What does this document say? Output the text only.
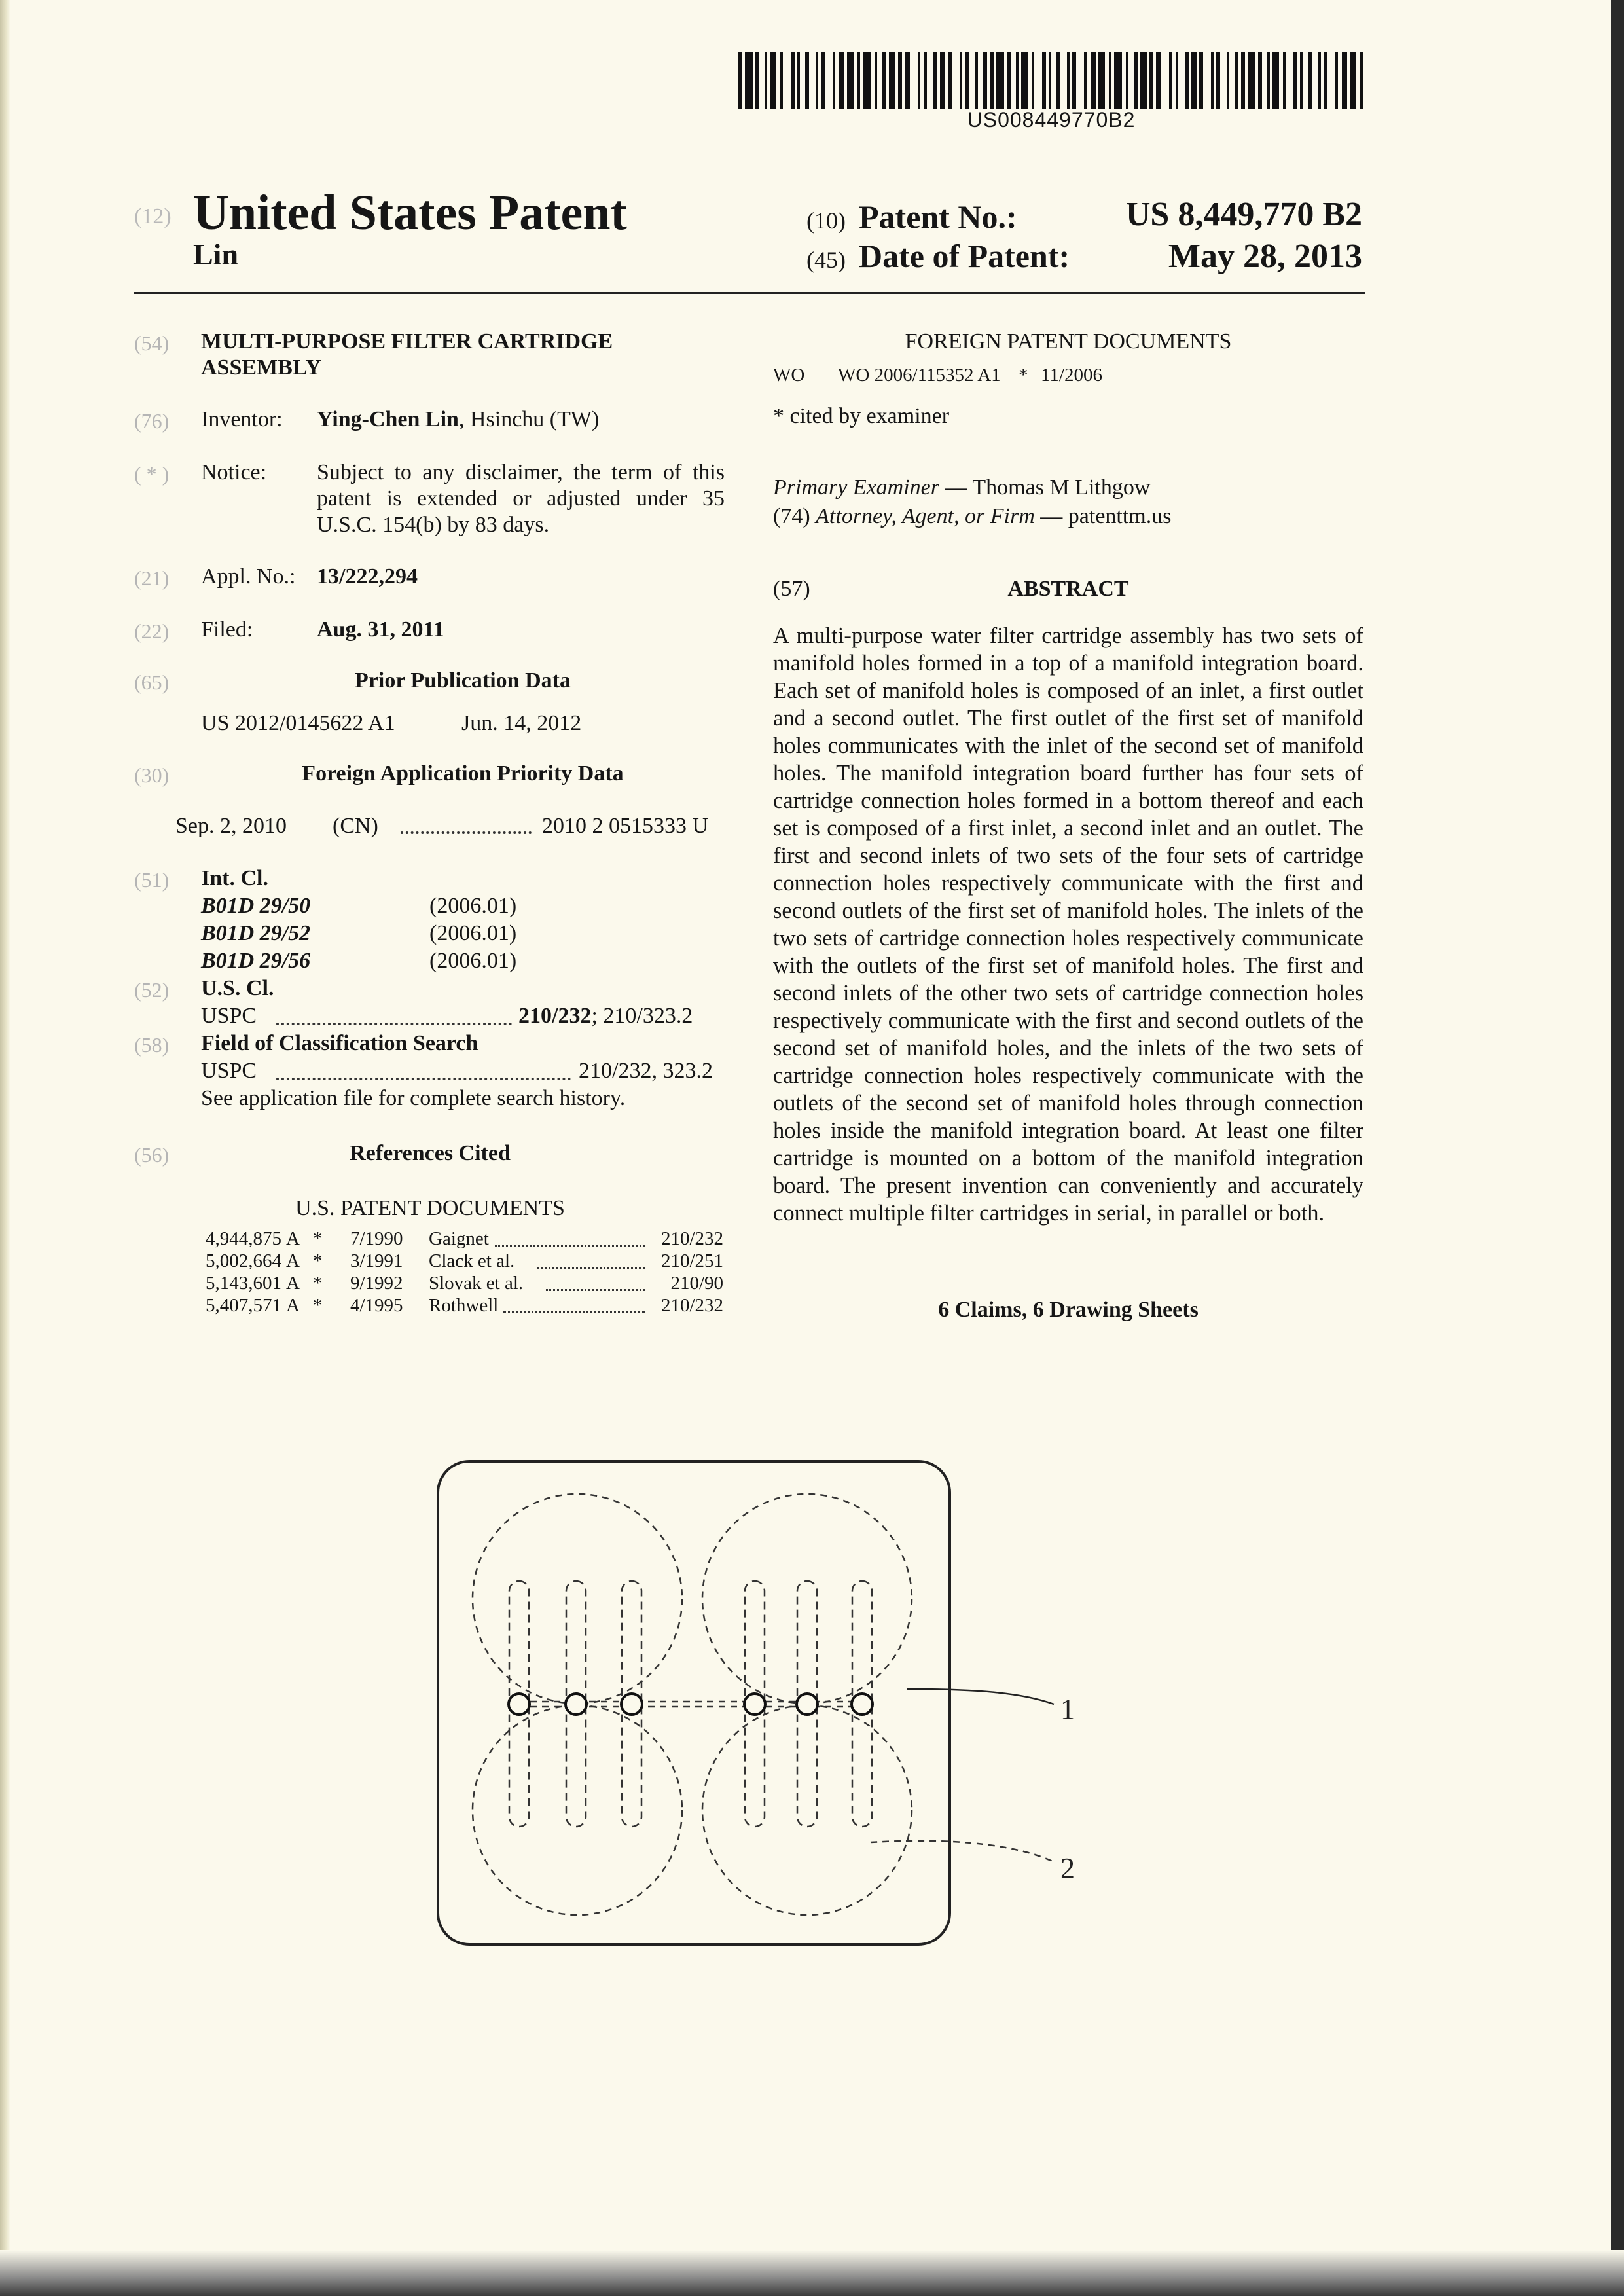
US008449770B2
(12) United States Patent
Lin
(10) Patent No.:	US 8,449,770 B2
(45) Date of Patent:	May 28, 2013
(54) MULTI-PURPOSE FILTER CARTRIDGE
ASSEMBLY
(76) Inventor: Ying-Chen Lin, Hsinchu (TW)
( * ) Notice: Subject to any disclaimer, the term of this patent is extended or adjusted under 35 U.S.C. 154(b) by 83 days.
(21) Appl. No.: 13/222,294
(22) Filed:	Aug. 31, 2011
(65)	Prior Publication Data
US 2012/0145622 A1	Jun. 14, 2012
(30)	Foreign Application Priority Data
Sep. 2, 2010 (CN)	2010 2 0515333 U
(51) Int. Cl.
B01D 29/50	(2006.01)
B01D 29/52	(2006.01)
B01D 29/56	(2006.01)
(52) U.S. Cl.
USPC	210/232; 210/323.2
(58) Field of Classification Search
USPC	210/232, 323.2
See application file for complete search history.
(56)	References Cited
U.S. PATENT DOCUMENTS
4,944,875 A * 7/1990	Gaignet	210/232
5,002,664 A * 3/1991	Clack et al.	210/251
5,143,601 A * 9/1992	Slovak et al.	210/90
5,407,571 A * 4/1995	Rothwell	210/232
FOREIGN PATENT DOCUMENTS
WO WO 2006/115352 A1 * 11/2006
* cited by examiner
Primary Examiner — Thomas M Lithgow
(74) Attorney, Agent, or Firm — patenttm.us
(57)	ABSTRACT
A multi-purpose water filter cartridge assembly has two sets of manifold holes formed in a top of a manifold integration board. Each set of manifold holes is composed of an inlet, a first outlet and a second outlet. The first outlet of the first set of manifold holes communicates with the inlet of the second set of manifold holes. The manifold integration board further has four sets of cartridge connection holes formed in a bottom thereof and each set is composed of a first inlet, a second inlet and an outlet. The first and second inlets of two sets of the four sets of cartridge connection holes respectively communicate with the first and second outlets of the first set of manifold holes. The inlets of the two sets of cartridge connection holes respectively communicate with the outlets of the first set of manifold holes. The first and second inlets of the other two sets of cartridge connection holes respectively communicate with the first and second outlets of the second set of manifold holes, and the inlets of the two sets of cartridge connection holes respectively communicate with the outlets of the second set of manifold holes through connection holes inside the manifold integration board. At least one filter cartridge is mounted on a bottom of the manifold integration board. The present invention can conveniently and accurately connect multiple filter cartridges in serial, in parallel or both.
6 Claims, 6 Drawing Sheets
1
2
